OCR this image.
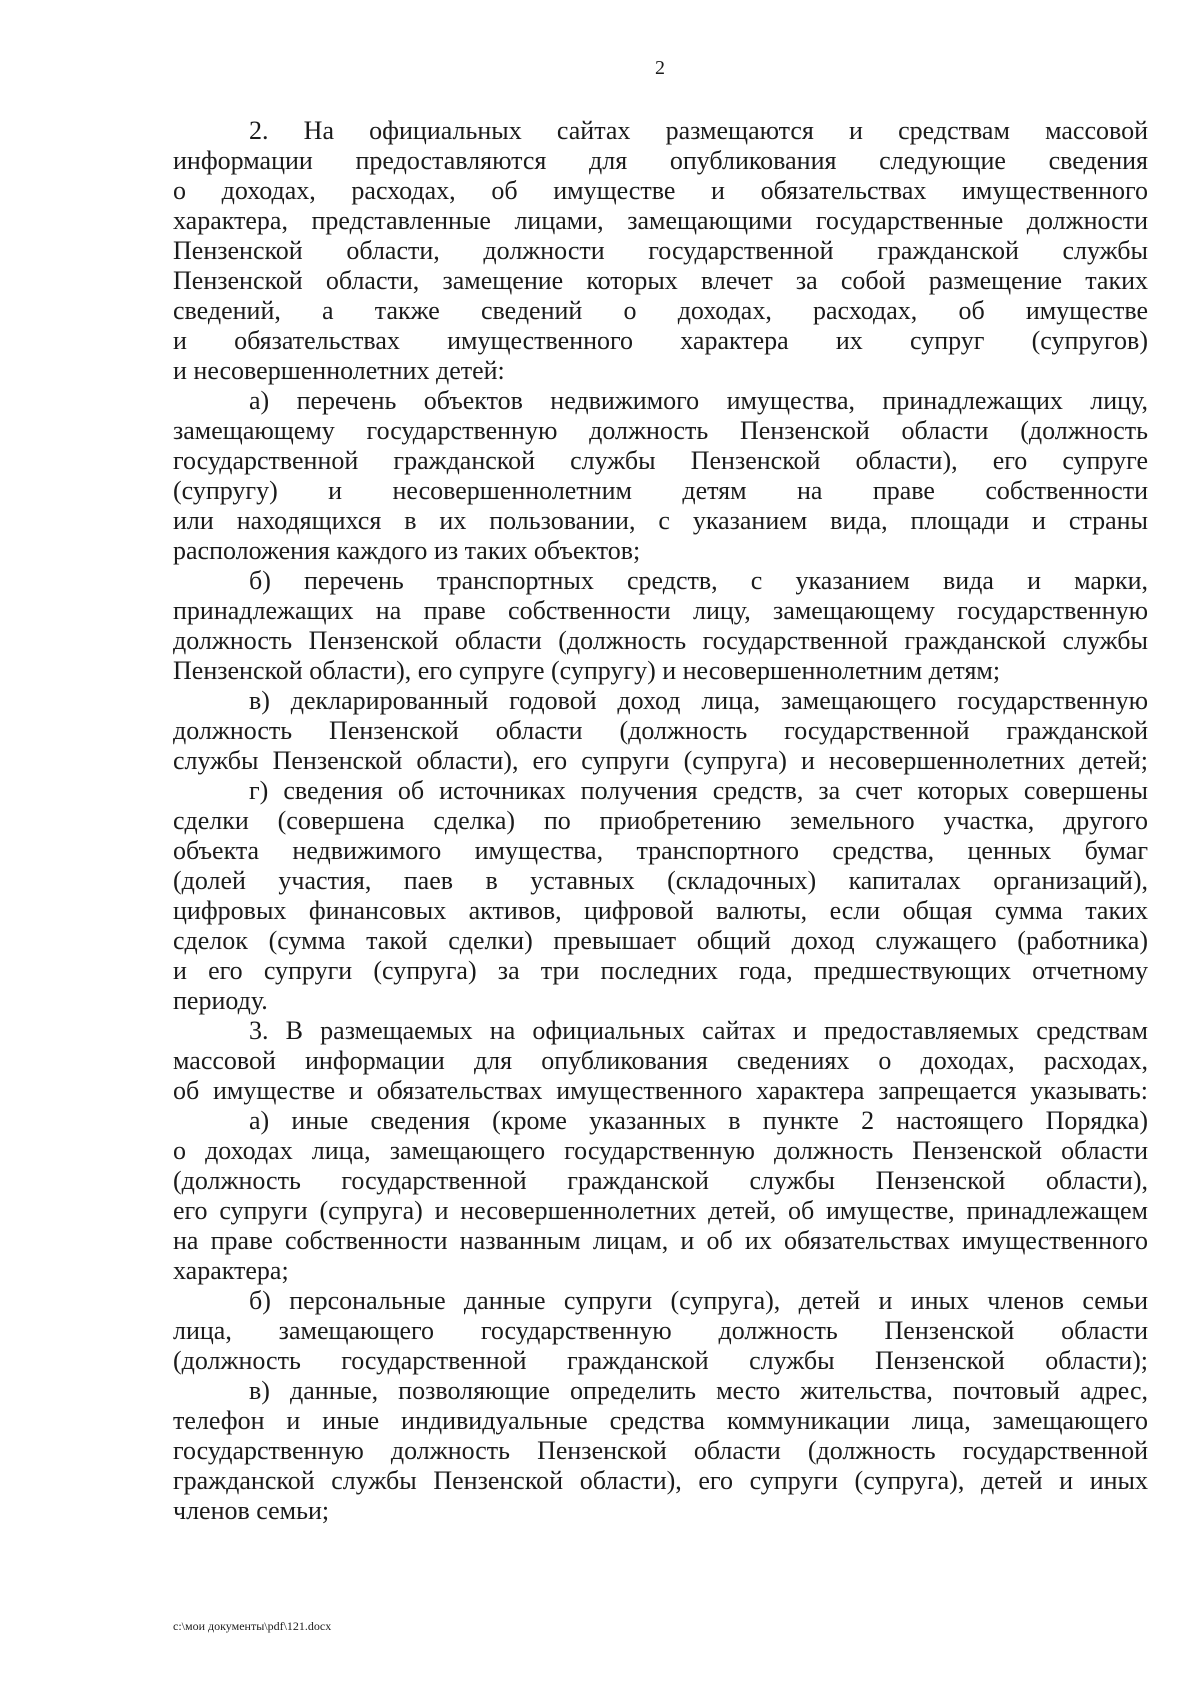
2
2. На официальных сайтах размещаются и средствам массовой
информации предоставляются для опубликования следующие сведения
о доходах, расходах, об имуществе и обязательствах имущественного
характера, представленные лицами, замещающими государственные должности
Пензенской области, должности государственной гражданской службы
Пензенской области, замещение которых влечет за собой размещение таких
сведений, а также сведений о доходах, расходах, об имуществе
и обязательствах имущественного характера их супруг (супругов)
и несовершеннолетних детей:
а) перечень объектов недвижимого имущества, принадлежащих лицу,
замещающему государственную должность Пензенской области (должность
государственной гражданской службы Пензенской области), его супруге
(супругу) и несовершеннолетним детям на праве собственности
или находящихся в их пользовании, с указанием вида, площади и страны
расположения каждого из таких объектов;
б) перечень транспортных средств, с указанием вида и марки,
принадлежащих на праве собственности лицу, замещающему государственную
должность Пензенской области (должность государственной гражданской службы
Пензенской области), его супруге (супругу) и несовершеннолетним детям;
в) декларированный годовой доход лица, замещающего государственную
должность Пензенской области (должность государственной гражданской
службы Пензенской области), его супруги (супруга) и несовершеннолетних детей;
г) сведения об источниках получения средств, за счет которых совершены
сделки (совершена сделка) по приобретению земельного участка, другого
объекта недвижимого имущества, транспортного средства, ценных бумаг
(долей участия, паев в уставных (складочных) капиталах организаций),
цифровых финансовых активов, цифровой валюты, если общая сумма таких
сделок (сумма такой сделки) превышает общий доход служащего (работника)
и его супруги (супруга) за три последних года, предшествующих отчетному
периоду.
3. В размещаемых на официальных сайтах и предоставляемых средствам
массовой информации для опубликования сведениях о доходах, расходах,
об имуществе и обязательствах имущественного характера запрещается указывать:
а) иные сведения (кроме указанных в пункте 2 настоящего Порядка)
о доходах лица, замещающего государственную должность Пензенской области
(должность государственной гражданской службы Пензенской области),
его супруги (супруга) и несовершеннолетних детей, об имуществе, принадлежащем
на праве собственности названным лицам, и об их обязательствах имущественного
характера;
б) персональные данные супруги (супруга), детей и иных членов семьи
лица, замещающего государственную должность Пензенской области
(должность государственной гражданской службы Пензенской области);
в) данные, позволяющие определить место жительства, почтовый адрес,
телефон и иные индивидуальные средства коммуникации лица, замещающего
государственную должность Пензенской области (должность государственной
гражданской службы Пензенской области), его супруги (супруга), детей и иных
членов семьи;
c:\мои документы\pdf\121.docx
